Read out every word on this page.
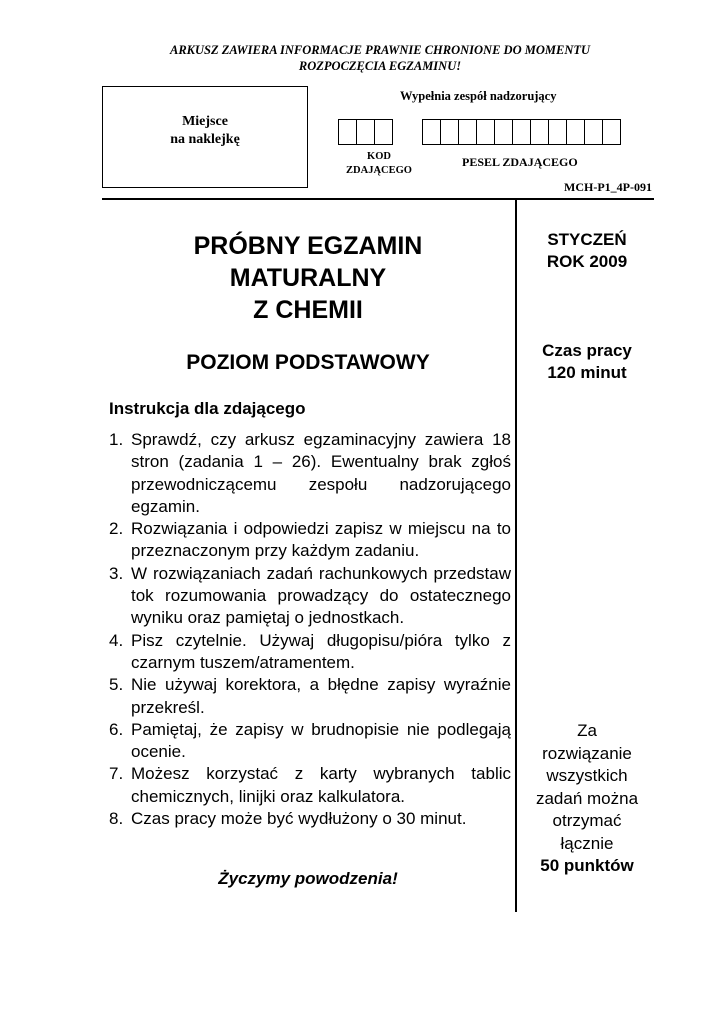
ARKUSZ ZAWIERA INFORMACJE PRAWNIE CHRONIONE DO MOMENTU
ROZPOCZĘCIA EGZAMINU!
Miejsce
na naklejkę
Wypełnia zespół nadzorujący
KOD
ZDAJĄCEGO
PESEL ZDAJĄCEGO
MCH-P1_4P-091
PRÓBNY EGZAMIN
MATURALNY
Z CHEMII
POZIOM PODSTAWOWY
Instrukcja dla zdającego
1. Sprawdź, czy arkusz egzaminacyjny zawiera 18 stron (zadania 1 – 26). Ewentualny brak zgłoś przewodniczącemu zespołu nadzorującego egzamin.
2. Rozwiązania i odpowiedzi zapisz w miejscu na to przeznaczonym przy każdym zadaniu.
3. W rozwiązaniach zadań rachunkowych przedstaw tok rozumowania prowadzący do ostatecznego wyniku oraz pamiętaj o jednostkach.
4. Pisz czytelnie. Używaj długopisu/pióra tylko z czarnym tuszem/atramentem.
5. Nie używaj korektora, a błędne zapisy wyraźnie przekreśl.
6. Pamiętaj, że zapisy w brudnopisie nie podlegają ocenie.
7. Możesz korzystać z karty wybranych tablic chemicznych, linijki oraz kalkulatora.
8. Czas pracy może być wydłużony o 30 minut.
Życzymy powodzenia!
STYCZEŃ
ROK 2009
Czas pracy
120 minut
Za
rozwiązanie
wszystkich
zadań można
otrzymać
łącznie
50 punktów
